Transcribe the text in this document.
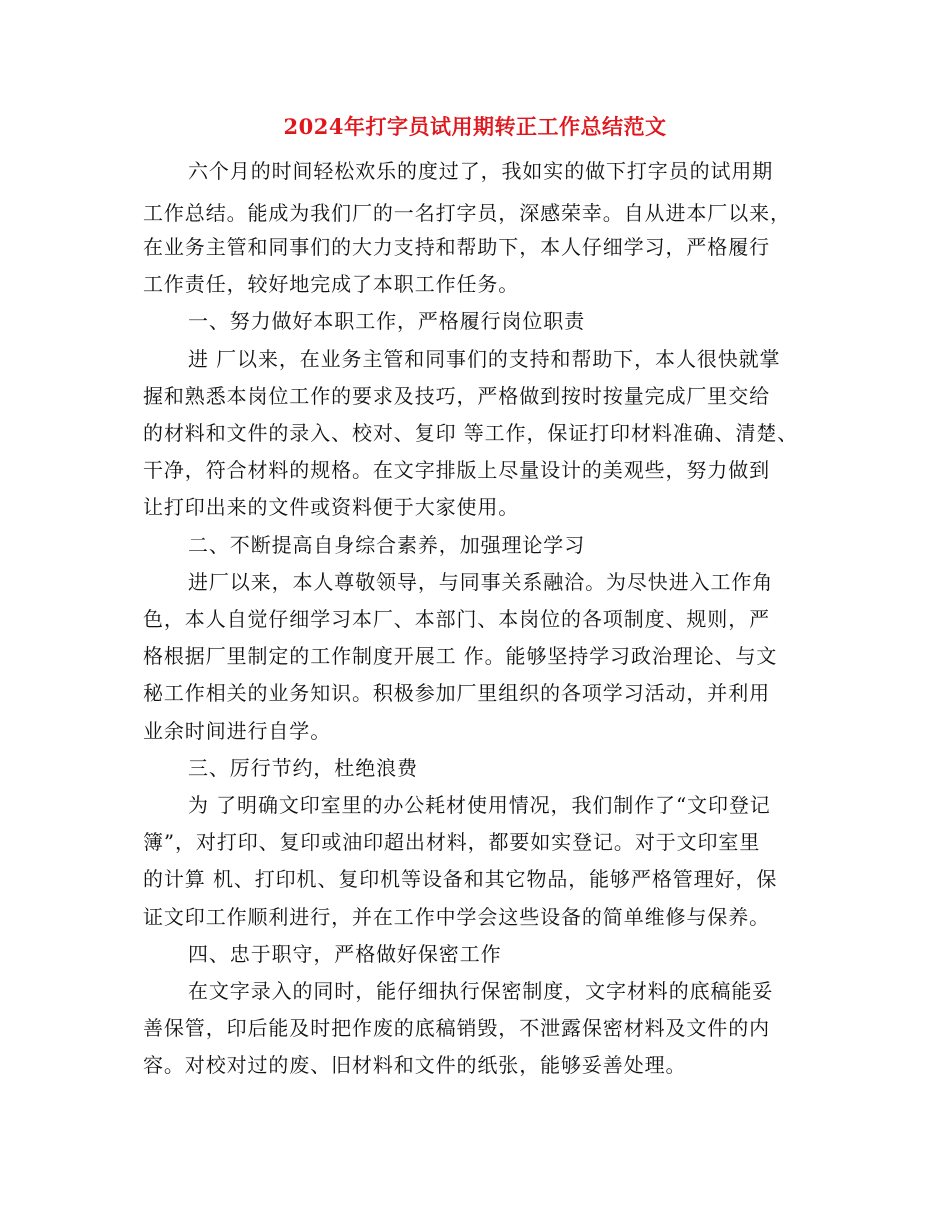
2024年打字员试用期转正工作总结范文
六个月的时间轻松欢乐的度过了，我如实的做下打字员的试用期
工作总结。能成为我们厂的一名打字员，深感荣幸。自从进本厂以来，
在业务主管和同事们的大力支持和帮助下，本人仔细学习，严格履行
工作责任，较好地完成了本职工作任务。
一、努力做好本职工作，严格履行岗位职责
进 厂以来，在业务主管和同事们的支持和帮助下，本人很快就掌
握和熟悉本岗位工作的要求及技巧，严格做到按时按量完成厂里交给
的材料和文件的录入、校对、复印 等工作，保证打印材料准确、清楚、
干净，符合材料的规格。在文字排版上尽量设计的美观些，努力做到
让打印出来的文件或资料便于大家使用。
二、不断提高自身综合素养，加强理论学习
进厂以来，本人尊敬领导，与同事关系融洽。为尽快进入工作角
色，本人自觉仔细学习本厂、本部门、本岗位的各项制度、规则，严
格根据厂里制定的工作制度开展工 作。能够坚持学习政治理论、与文
秘工作相关的业务知识。积极参加厂里组织的各项学习活动，并利用
业余时间进行自学。
三、厉行节约，杜绝浪费
为 了明确文印室里的办公耗材使用情况，我们制作了“文印登记
簿”，对打印、复印或油印超出材料，都要如实登记。对于文印室里
的计算 机、打印机、复印机等设备和其它物品，能够严格管理好，保
证文印工作顺利进行，并在工作中学会这些设备的简单维修与保养。
四、忠于职守，严格做好保密工作
在文字录入的同时，能仔细执行保密制度，文字材料的底稿能妥
善保管，印后能及时把作废的底稿销毁，不泄露保密材料及文件的内
容。对校对过的废、旧材料和文件的纸张，能够妥善处理。
